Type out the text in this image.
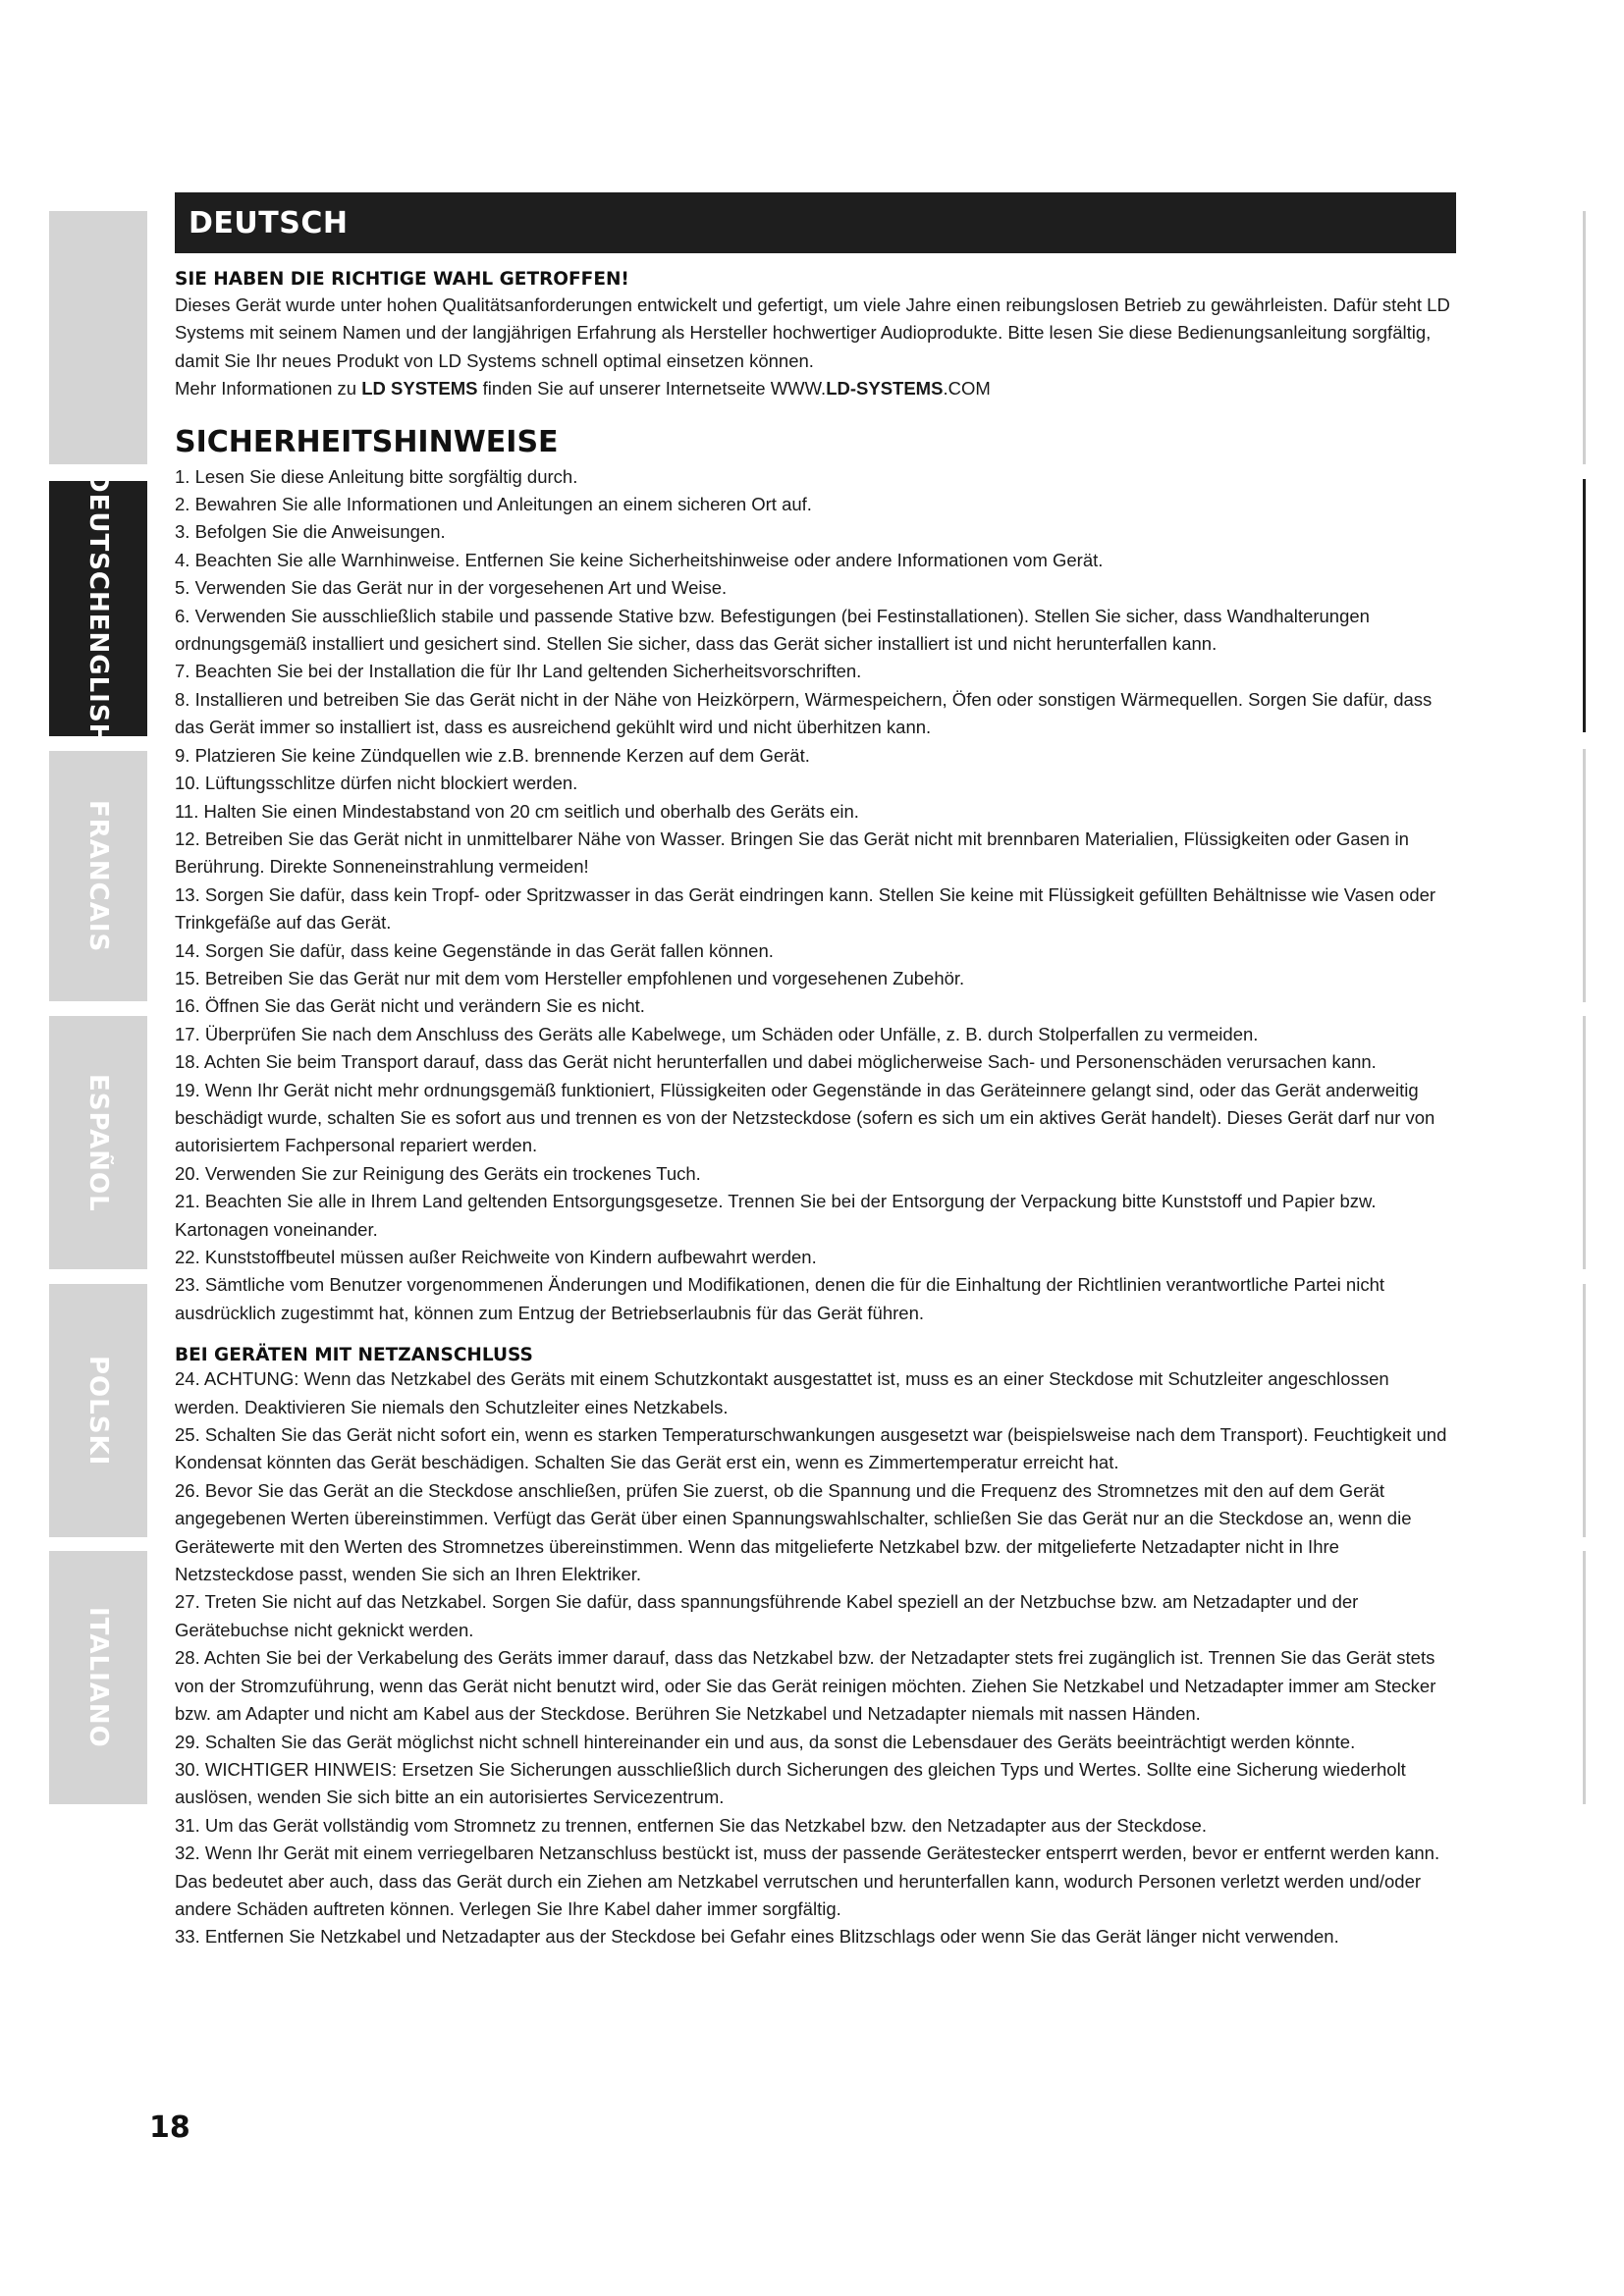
DEUTSCHENGLISH
FRANCAIS
ESPAÑOL
POLSKI
ITALIANO
DEUTSCH
SIE HABEN DIE RICHTIGE WAHL GETROFFEN!

Dieses Gerät wurde unter hohen Qualitätsanforderungen entwickelt und gefertigt, um viele Jahre einen reibungslosen Betrieb zu gewährleisten. Dafür steht LD Systems mit seinem Namen und der langjährigen Erfahrung als Hersteller hochwertiger Audioprodukte. Bitte lesen Sie diese Bedienungsanleitung sorgfältig, damit Sie Ihr neues Produkt von LD Systems schnell optimal einsetzen können.

Mehr Informationen zu LD SYSTEMS finden Sie auf unserer Internetseite WWW.LD-SYSTEMS.COM

SICHERHEITSHINWEISE
1. Lesen Sie diese Anleitung bitte sorgfältig durch.
2. Bewahren Sie alle Informationen und Anleitungen an einem sicheren Ort auf.
3. Befolgen Sie die Anweisungen.
4. Beachten Sie alle Warnhinweise. Entfernen Sie keine Sicherheitshinweise oder andere Informationen vom Gerät.
5. Verwenden Sie das Gerät nur in der vorgesehenen Art und Weise.
6. Verwenden Sie ausschließlich stabile und passende Stative bzw. Befestigungen (bei Festinstallationen). Stellen Sie sicher, dass Wandhalterungen ordnungsgemäß installiert und gesichert sind. Stellen Sie sicher, dass das Gerät sicher installiert ist und nicht herunterfallen kann.
7. Beachten Sie bei der Installation die für Ihr Land geltenden Sicherheitsvorschriften.
8. Installieren und betreiben Sie das Gerät nicht in der Nähe von Heizkörpern, Wärmespeichern, Öfen oder sonstigen Wärmequellen. Sorgen Sie dafür, dass das Gerät immer so installiert ist, dass es ausreichend gekühlt wird und nicht überhitzen kann.
9. Platzieren Sie keine Zündquellen wie z.B. brennende Kerzen auf dem Gerät.
10. Lüftungsschlitze dürfen nicht blockiert werden.
11. Halten Sie einen Mindestabstand von 20 cm seitlich und oberhalb des Geräts ein.
12. Betreiben Sie das Gerät nicht in unmittelbarer Nähe von Wasser. Bringen Sie das Gerät nicht mit brennbaren Materialien, Flüssigkeiten oder Gasen in Berührung. Direkte Sonneneinstrahlung vermeiden!
13. Sorgen Sie dafür, dass kein Tropf- oder Spritzwasser in das Gerät eindringen kann. Stellen Sie keine mit Flüssigkeit gefüllten Behältnisse wie Vasen oder Trinkgefäße auf das Gerät.
14. Sorgen Sie dafür, dass keine Gegenstände in das Gerät fallen können.
15. Betreiben Sie das Gerät nur mit dem vom Hersteller empfohlenen und vorgesehenen Zubehör.
16. Öffnen Sie das Gerät nicht und verändern Sie es nicht.
17. Überprüfen Sie nach dem Anschluss des Geräts alle Kabelwege, um Schäden oder Unfälle, z. B. durch Stolperfallen zu vermeiden.
18. Achten Sie beim Transport darauf, dass das Gerät nicht herunterfallen und dabei möglicherweise Sach- und Personenschäden verursachen kann.
19. Wenn Ihr Gerät nicht mehr ordnungsgemäß funktioniert, Flüssigkeiten oder Gegenstände in das Geräteinnere gelangt sind, oder das Gerät anderweitig beschädigt wurde, schalten Sie es sofort aus und trennen es von der Netzsteckdose (sofern es sich um ein aktives Gerät handelt). Dieses Gerät darf nur von autorisiertem Fachpersonal repariert werden.
20. Verwenden Sie zur Reinigung des Geräts ein trockenes Tuch.
21. Beachten Sie alle in Ihrem Land geltenden Entsorgungsgesetze. Trennen Sie bei der Entsorgung der Verpackung bitte Kunststoff und Papier bzw. Kartonagen voneinander.
22. Kunststoffbeutel müssen außer Reichweite von Kindern aufbewahrt werden.
23. Sämtliche vom Benutzer vorgenommenen Änderungen und Modifikationen, denen die für die Einhaltung der Richtlinien verantwortliche Partei nicht ausdrücklich zugestimmt hat, können zum Entzug der Betriebserlaubnis für das Gerät führen.
BEI GERÄTEN MIT NETZANSCHLUSS
24. ACHTUNG: Wenn das Netzkabel des Geräts mit einem Schutzkontakt ausgestattet ist, muss es an einer Steckdose mit Schutzleiter angeschlossen werden. Deaktivieren Sie niemals den Schutzleiter eines Netzkabels.
25. Schalten Sie das Gerät nicht sofort ein, wenn es starken Temperaturschwankungen ausgesetzt war (beispielsweise nach dem Transport). Feuchtigkeit und Kondensat könnten das Gerät beschädigen. Schalten Sie das Gerät erst ein, wenn es Zimmertemperatur erreicht hat.
26. Bevor Sie das Gerät an die Steckdose anschließen, prüfen Sie zuerst, ob die Spannung und die Frequenz des Stromnetzes mit den auf dem Gerät angegebenen Werten übereinstimmen. Verfügt das Gerät über einen Spannungswahlschalter, schließen Sie das Gerät nur an die Steckdose an, wenn die Gerätewerte mit den Werten des Stromnetzes übereinstimmen. Wenn das mitgelieferte Netzkabel bzw. der mitgelieferte Netzadapter nicht in Ihre Netzsteckdose passt, wenden Sie sich an Ihren Elektriker.
27. Treten Sie nicht auf das Netzkabel. Sorgen Sie dafür, dass spannungsführende Kabel speziell an der Netzbuchse bzw. am Netzadapter und der Gerätebuchse nicht geknickt werden.
28. Achten Sie bei der Verkabelung des Geräts immer darauf, dass das Netzkabel bzw. der Netzadapter stets frei zugänglich ist. Trennen Sie das Gerät stets von der Stromzuführung, wenn das Gerät nicht benutzt wird, oder Sie das Gerät reinigen möchten. Ziehen Sie Netzkabel und Netzadapter immer am Stecker bzw. am Adapter und nicht am Kabel aus der Steckdose. Berühren Sie Netzkabel und Netzadapter niemals mit nassen Händen.
29. Schalten Sie das Gerät möglichst nicht schnell hintereinander ein und aus, da sonst die Lebensdauer des Geräts beeinträchtigt werden könnte.
30. WICHTIGER HINWEIS: Ersetzen Sie Sicherungen ausschließlich durch Sicherungen des gleichen Typs und Wertes. Sollte eine Sicherung wiederholt auslösen, wenden Sie sich bitte an ein autorisiertes Servicezentrum.
31. Um das Gerät vollständig vom Stromnetz zu trennen, entfernen Sie das Netzkabel bzw. den Netzadapter aus der Steckdose.
32. Wenn Ihr Gerät mit einem verriegelbaren Netzanschluss bestückt ist, muss der passende Gerätestecker entsperrt werden, bevor er entfernt werden kann. Das bedeutet aber auch, dass das Gerät durch ein Ziehen am Netzkabel verrutschen und herunterfallen kann, wodurch Personen verletzt werden und/oder andere Schäden auftreten können. Verlegen Sie Ihre Kabel daher immer sorgfältig.
33. Entfernen Sie Netzkabel und Netzadapter aus der Steckdose bei Gefahr eines Blitzschlags oder wenn Sie das Gerät länger nicht verwenden.
18
